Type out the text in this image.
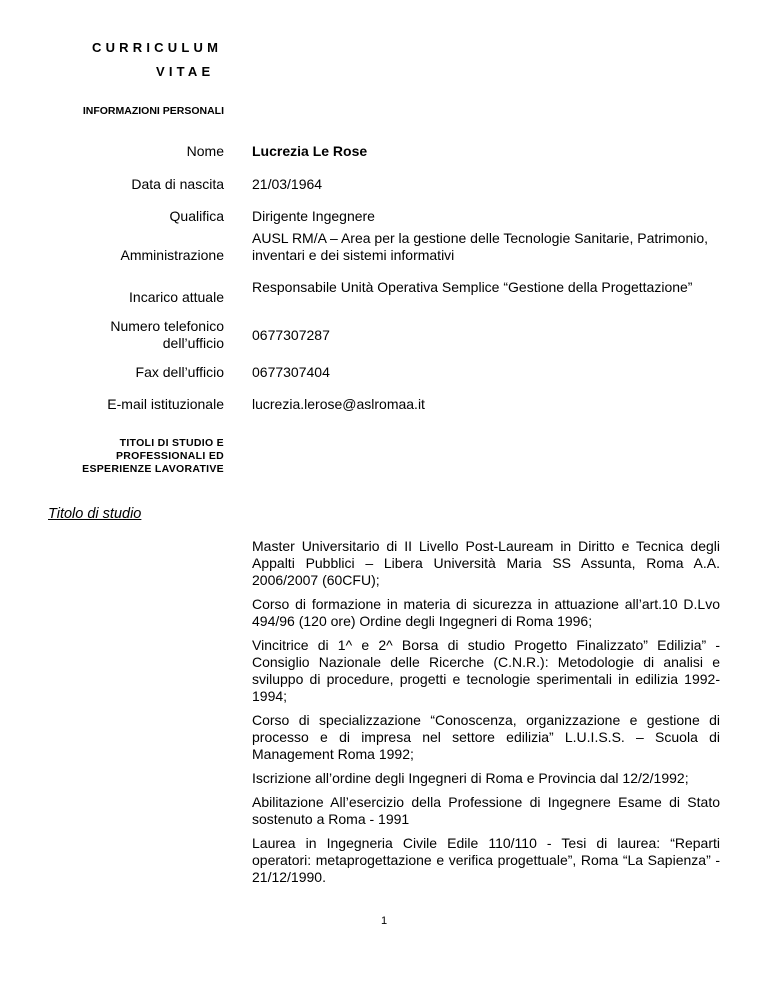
CURRICULUM
VITAE
INFORMAZIONI PERSONALI
Nome Lucrezia Le Rose
Data di nascita 21/03/1964
Qualifica Dirigente Ingegnere
Amministrazione
AUSL RM/A – Area per la gestione delle Tecnologie Sanitarie, Patrimonio, inventari e dei sistemi informativi
Incarico attuale
Responsabile Unità Operativa Semplice “Gestione della Progettazione”
Numero telefonico dell’ufficio 0677307287
Fax dell’ufficio 0677307404
E-mail istituzionale lucrezia.lerose@aslromaa.it
TITOLI DI STUDIO E PROFESSIONALI ED ESPERIENZE LAVORATIVE
Titolo di studio
Master Universitario di II Livello Post-Lauream in Diritto e Tecnica degli Appalti Pubblici – Libera Università Maria SS Assunta, Roma A.A. 2006/2007 (60CFU);
Corso di formazione in materia di sicurezza in attuazione all’art.10 D.Lvo 494/96 (120 ore) Ordine degli Ingegneri di Roma 1996;
Vincitrice di 1^ e 2^ Borsa di studio Progetto Finalizzato” Edilizia” - Consiglio Nazionale delle Ricerche (C.N.R.): Metodologie di analisi e sviluppo di procedure, progetti e tecnologie sperimentali in edilizia 1992-1994;
Corso di specializzazione “Conoscenza, organizzazione e gestione di processo e di impresa nel settore edilizia” L.U.I.S.S. – Scuola di Management Roma 1992;
Iscrizione all’ordine degli Ingegneri di Roma e Provincia dal 12/2/1992;
Abilitazione All’esercizio della Professione di Ingegnere Esame di Stato sostenuto a Roma - 1991
Laurea in Ingegneria Civile Edile 110/110 - Tesi di laurea: “Reparti operatori: metaprogettazione e verifica progettuale”, Roma “La Sapienza” - 21/12/1990.
1
